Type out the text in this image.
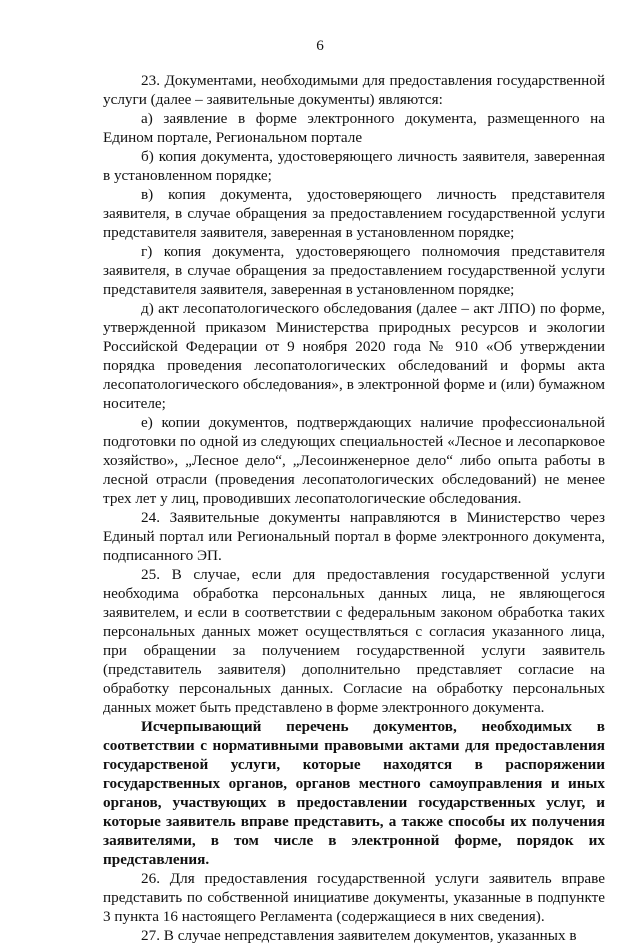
6

23. Документами, необходимыми для предоставления государственной услуги (далее – заявительные документы) являются:

а) заявление в форме электронного документа, размещенного на Едином портале, Региональном портале

б) копия документа, удостоверяющего личность заявителя, заверенная в установленном порядке;

в) копия документа, удостоверяющего личность представителя заявителя, в случае обращения за предоставлением государственной услуги представителя заявителя, заверенная в установленном порядке;

г) копия документа, удостоверяющего полномочия представителя заявителя, в случае обращения за предоставлением государственной услуги представителя заявителя, заверенная в установленном порядке;

д) акт лесопатологического обследования (далее – акт ЛПО) по форме, утвержденной приказом Министерства природных ресурсов и экологии Российской Федерации от 9 ноября 2020 года № 910 «Об утверждении порядка проведения лесопатологических обследований и формы акта лесопатологического обследования», в электронной форме и (или) бумажном носителе;

е) копии документов, подтверждающих наличие профессиональной подготовки по одной из следующих специальностей «Лесное и лесопарковое хозяйство», „Лесное дело“, „Лесоинженерное дело“ либо опыта работы в лесной отрасли (проведения лесопатологических обследований) не менее трех лет у лиц, проводивших лесопатологические обследования.

24. Заявительные документы направляются в Министерство через Единый портал или Региональный портал в форме электронного документа, подписанного ЭП.

25. В случае, если для предоставления государственной услуги необходима обработка персональных данных лица, не являющегося заявителем, и если в соответствии с федеральным законом обработка таких персональных данных может осуществляться с согласия указанного лица, при обращении за получением государственной услуги заявитель (представитель заявителя) дополнительно представляет согласие на обработку персональных данных. Согласие на обработку персональных данных может быть представлено в форме электронного документа.

Исчерпывающий перечень документов, необходимых в соответствии с нормативными правовыми актами для предоставления государственой услуги, которые находятся в распоряжении государственных органов, органов местного самоуправления и иных органов, участвующих в предоставлении государственных услуг, и которые заявитель вправе представить, а также способы их получения заявителями, в том числе в электронной форме, порядок их представления.

26. Для предоставления государственной услуги заявитель вправе представить по собственной инициативе документы, указанные в подпункте 3 пункта 16 настоящего Регламента (содержащиеся в них сведения).

27. В случае непредставления заявителем документов, указанных в
